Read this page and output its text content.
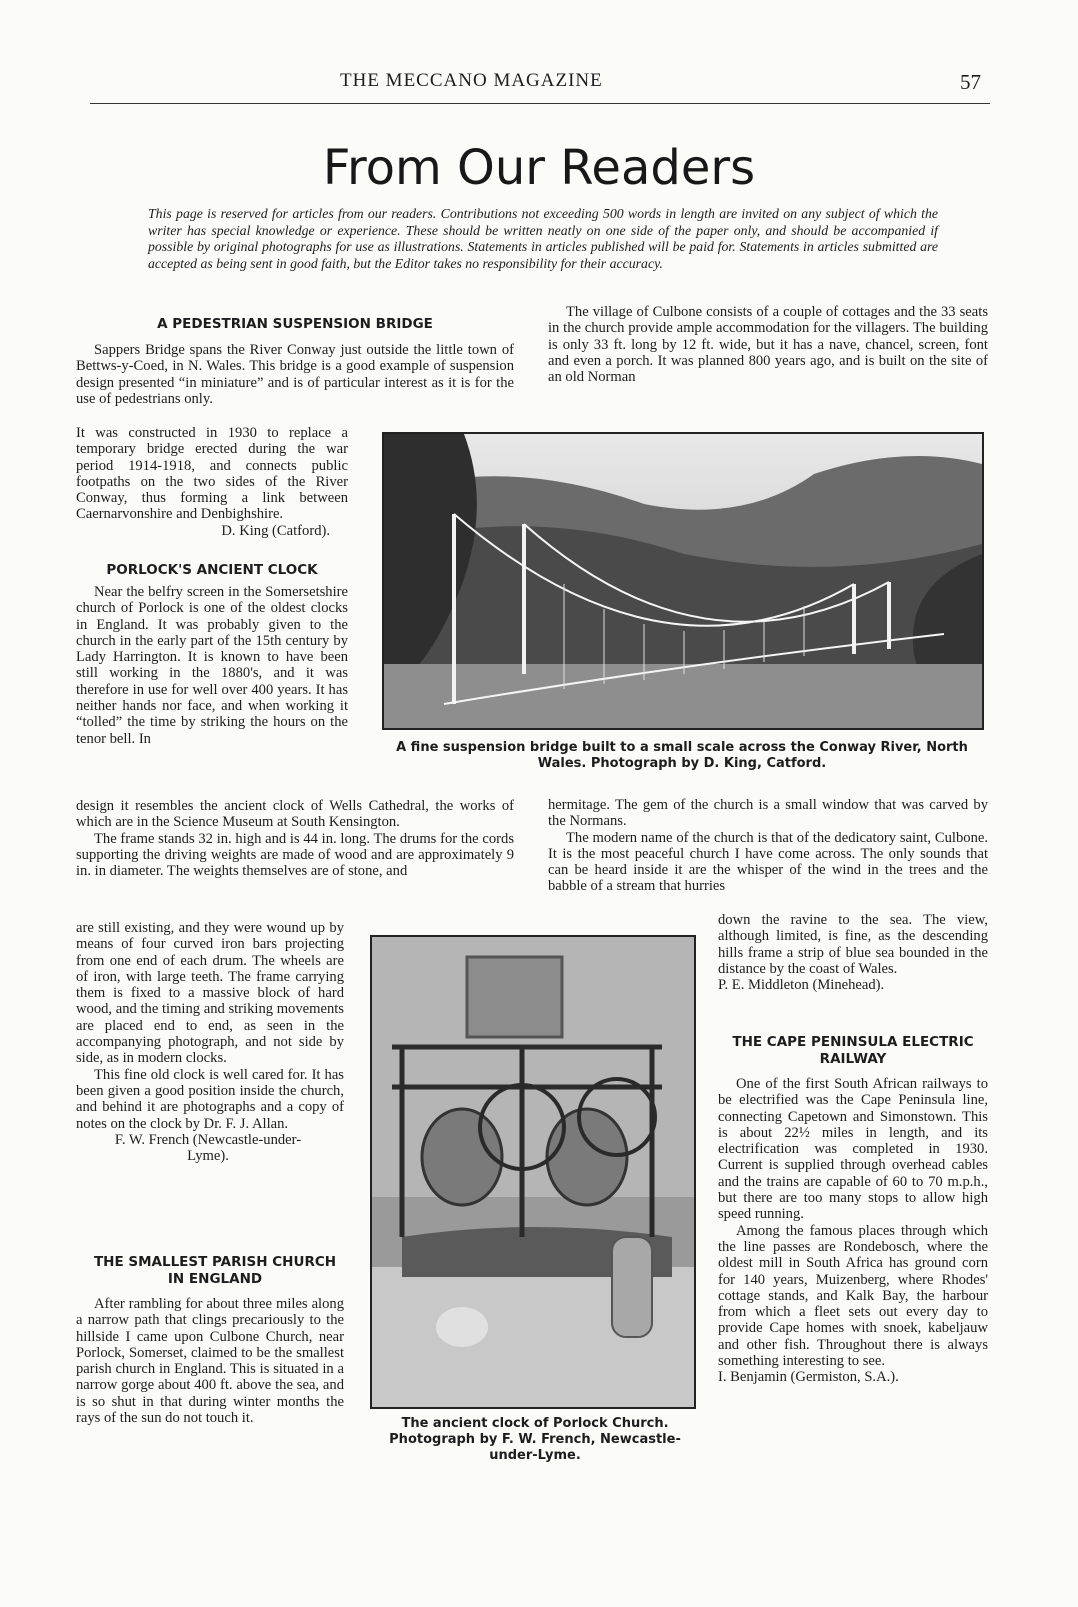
THE MECCANO MAGAZINE	57
From Our Readers
This page is reserved for articles from our readers. Contributions not exceeding 500 words in length are invited on any subject of which the writer has special knowledge or experience. These should be written neatly on one side of the paper only, and should be accompanied if possible by original photographs for use as illustrations. Statements in articles published will be paid for. Statements in articles submitted are accepted as being sent in good faith, but the Editor takes no responsibility for their accuracy.
A PEDESTRIAN SUSPENSION BRIDGE

Sappers Bridge spans the River Conway just outside the little town of Bettws-y-Coed, in N. Wales. This bridge is a good example of suspension design presented “in miniature” and is of particular interest as it is for the use of pedestrians only.

It was constructed in 1930 to replace a temporary bridge erected during the war period 1914-1918, and connects public footpaths on the two sides of the River Conway, thus forming a link between Caernarvonshire and Denbighshire.

D. King (Catford).
PORLOCK'S ANCIENT CLOCK

Near the belfry screen in the Somersetshire church of Porlock is one of the oldest clocks in England. It was probably given to the church in the early part of the 15th century by Lady Harrington. It is known to have been still working in the 1880's, and it was therefore in use for well over 400 years. It has neither hands nor face, and when working it “tolled” the time by striking the hours on the tenor bell. In

design it resembles the ancient clock of Wells Cathedral, the works of which are in the Science Museum at South Kensington.

The frame stands 32 in. high and is 44 in. long. The drums for the cords supporting the driving weights are made of wood and are approximately 9 in. in diameter. The weights themselves are of stone, and

are still existing, and they were wound up by means of four curved iron bars projecting from one end of each drum. The wheels are of iron, with large teeth. The frame carrying them is fixed to a massive block of hard wood, and the timing and striking movements are placed end to end, as seen in the accompanying photograph, and not side by side, as in modern clocks.

This fine old clock is well cared for. It has been given a good position inside the church, and behind it are photographs and a copy of notes on the clock by Dr. F. J. Allan.

F. W. French (Newcastle-under-Lyme).
THE SMALLEST PARISH CHURCH IN ENGLAND

After rambling for about three miles along a narrow path that clings precariously to the hillside I came upon Culbone Church, near Porlock, Somerset, claimed to be the smallest parish church in England. This is situated in a narrow gorge about 400 ft. above the sea, and is so shut in that during winter months the rays of the sun do not touch it.

The village of Culbone consists of a couple of cottages and the 33 seats in the church provide ample accommodation for the villagers. The building is only 33 ft. long by 12 ft. wide, but it has a nave, chancel, screen, font and even a porch. It was planned 800 years ago, and is built on the site of an old Norman

A fine suspension bridge built to a small scale across the Conway River, North Wales. Photograph by D. King, Catford.

hermitage. The gem of the church is a small window that was carved by the Normans.

The modern name of the church is that of the dedicatory saint, Culbone. It is the most peaceful church I have come across. The only sounds that can be heard inside it are the whisper of the wind in the trees and the babble of a stream that hurries

down the ravine to the sea. The view, although limited, is fine, as the descending hills frame a strip of blue sea bounded in the distance by the coast of Wales.

P. E. Middleton (Minehead).
THE CAPE PENINSULA ELECTRIC RAILWAY

One of the first South African railways to be electrified was the Cape Peninsula line, connecting Capetown and Simonstown. This is about 22½ miles in length, and its electrification was completed in 1930. Current is supplied through overhead cables and the trains are capable of 60 to 70 m.p.h., but there are too many stops to allow high speed running.

Among the famous places through which the line passes are Rondebosch, where the oldest mill in South Africa has ground corn for 140 years, Muizenberg, where Rhodes' cottage stands, and Kalk Bay, the harbour from which a fleet sets out every day to provide Cape homes with snoek, kabeljauw and other fish. Throughout there is always something interesting to see.

I. Benjamin (Germiston, S.A.).
The ancient clock of Porlock Church. Photograph by F. W. French, Newcastle-under-Lyme.
